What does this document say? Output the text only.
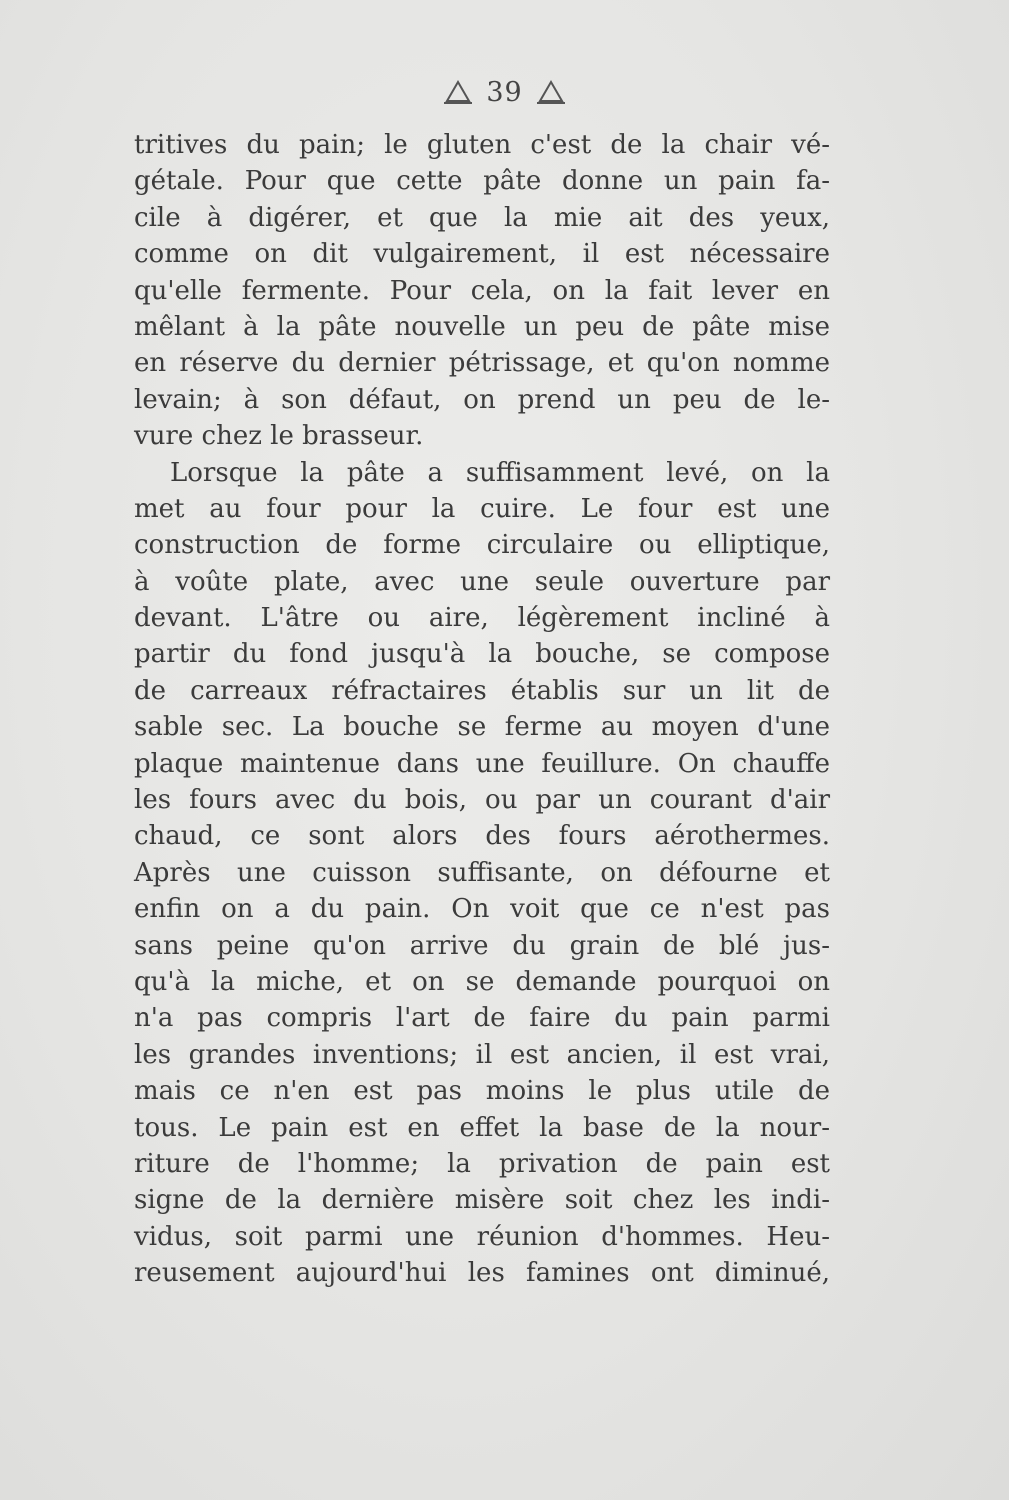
39
tritives du pain; le gluten c'est de la chair vé-
gétale. Pour que cette pâte donne un pain fa-
cile à digérer, et que la mie ait des yeux,
comme on dit vulgairement, il est nécessaire
qu'elle fermente. Pour cela, on la fait lever en
mêlant à la pâte nouvelle un peu de pâte mise
en réserve du dernier pétrissage, et qu'on nomme
levain; à son défaut, on prend un peu de le-
vure chez le brasseur.
Lorsque la pâte a suffisamment levé, on la
met au four pour la cuire. Le four est une
construction de forme circulaire ou elliptique,
à voûte plate, avec une seule ouverture par
devant. L'âtre ou aire, légèrement incliné à
partir du fond jusqu'à la bouche, se compose
de carreaux réfractaires établis sur un lit de
sable sec. La bouche se ferme au moyen d'une
plaque maintenue dans une feuillure. On chauffe
les fours avec du bois, ou par un courant d'air
chaud, ce sont alors des fours aérothermes.
Après une cuisson suffisante, on défourne et
enfin on a du pain. On voit que ce n'est pas
sans peine qu'on arrive du grain de blé jus-
qu'à la miche, et on se demande pourquoi on
n'a pas compris l'art de faire du pain parmi
les grandes inventions; il est ancien, il est vrai,
mais ce n'en est pas moins le plus utile de
tous. Le pain est en effet la base de la nour-
riture de l'homme; la privation de pain est
signe de la dernière misère soit chez les indi-
vidus, soit parmi une réunion d'hommes. Heu-
reusement aujourd'hui les famines ont diminué,
